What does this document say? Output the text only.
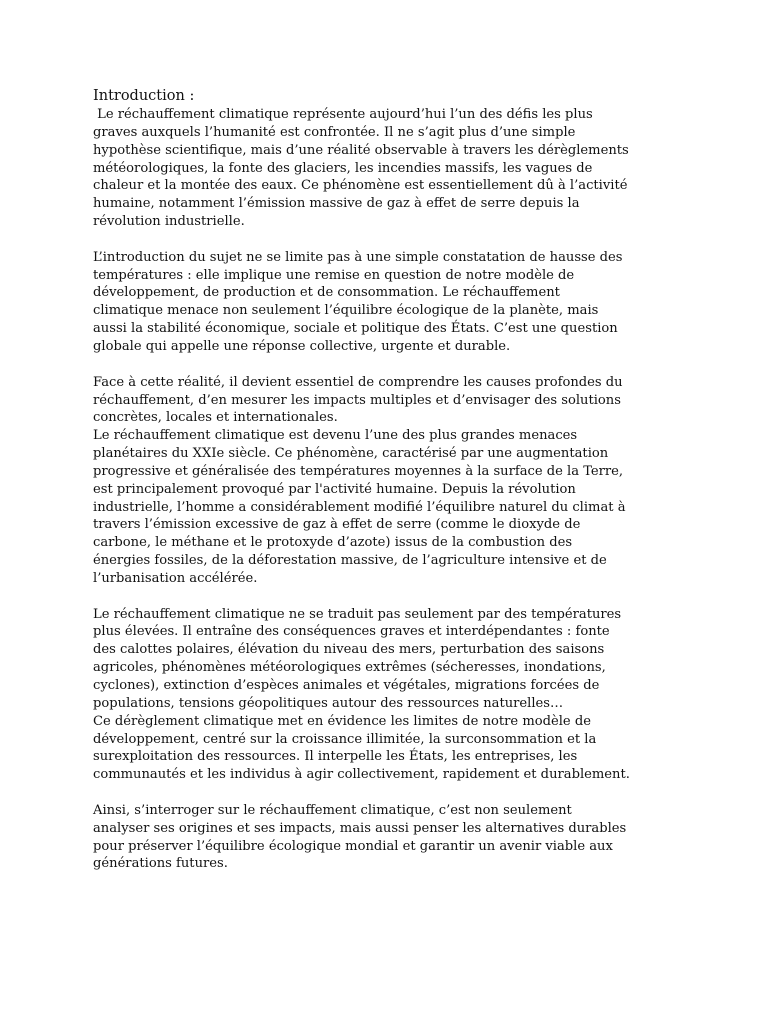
Introduction :
Le réchauffement climatique représente aujourd’hui l’un des défis les plus
graves auxquels l’humanité est confrontée. Il ne s’agit plus d’une simple
hypothèse scientifique, mais d’une réalité observable à travers les dérèglements
météorologiques, la fonte des glaciers, les incendies massifs, les vagues de
chaleur et la montée des eaux. Ce phénomène est essentiellement dû à l’activité
humaine, notamment l’émission massive de gaz à effet de serre depuis la
révolution industrielle.
L’introduction du sujet ne se limite pas à une simple constatation de hausse des
températures : elle implique une remise en question de notre modèle de
développement, de production et de consommation. Le réchauffement
climatique menace non seulement l’équilibre écologique de la planète, mais
aussi la stabilité économique, sociale et politique des États. C’est une question
globale qui appelle une réponse collective, urgente et durable.
Face à cette réalité, il devient essentiel de comprendre les causes profondes du
réchauffement, d’en mesurer les impacts multiples et d’envisager des solutions
concrètes, locales et internationales.
Le réchauffement climatique est devenu l’une des plus grandes menaces
planétaires du XXIe siècle. Ce phénomène, caractérisé par une augmentation
progressive et généralisée des températures moyennes à la surface de la Terre,
est principalement provoqué par l'activité humaine. Depuis la révolution
industrielle, l’homme a considérablement modifié l’équilibre naturel du climat à
travers l’émission excessive de gaz à effet de serre (comme le dioxyde de
carbone, le méthane et le protoxyde d’azote) issus de la combustion des
énergies fossiles, de la déforestation massive, de l’agriculture intensive et de
l’urbanisation accélérée.
Le réchauffement climatique ne se traduit pas seulement par des températures
plus élevées. Il entraîne des conséquences graves et interdépendantes : fonte
des calottes polaires, élévation du niveau des mers, perturbation des saisons
agricoles, phénomènes météorologiques extrêmes (sécheresses, inondations,
cyclones), extinction d’espèces animales et végétales, migrations forcées de
populations, tensions géopolitiques autour des ressources naturelles…
Ce dérèglement climatique met en évidence les limites de notre modèle de
développement, centré sur la croissance illimitée, la surconsommation et la
surexploitation des ressources. Il interpelle les États, les entreprises, les
communautés et les individus à agir collectivement, rapidement et durablement.
Ainsi, s’interroger sur le réchauffement climatique, c’est non seulement
analyser ses origines et ses impacts, mais aussi penser les alternatives durables
pour préserver l’équilibre écologique mondial et garantir un avenir viable aux
générations futures.
